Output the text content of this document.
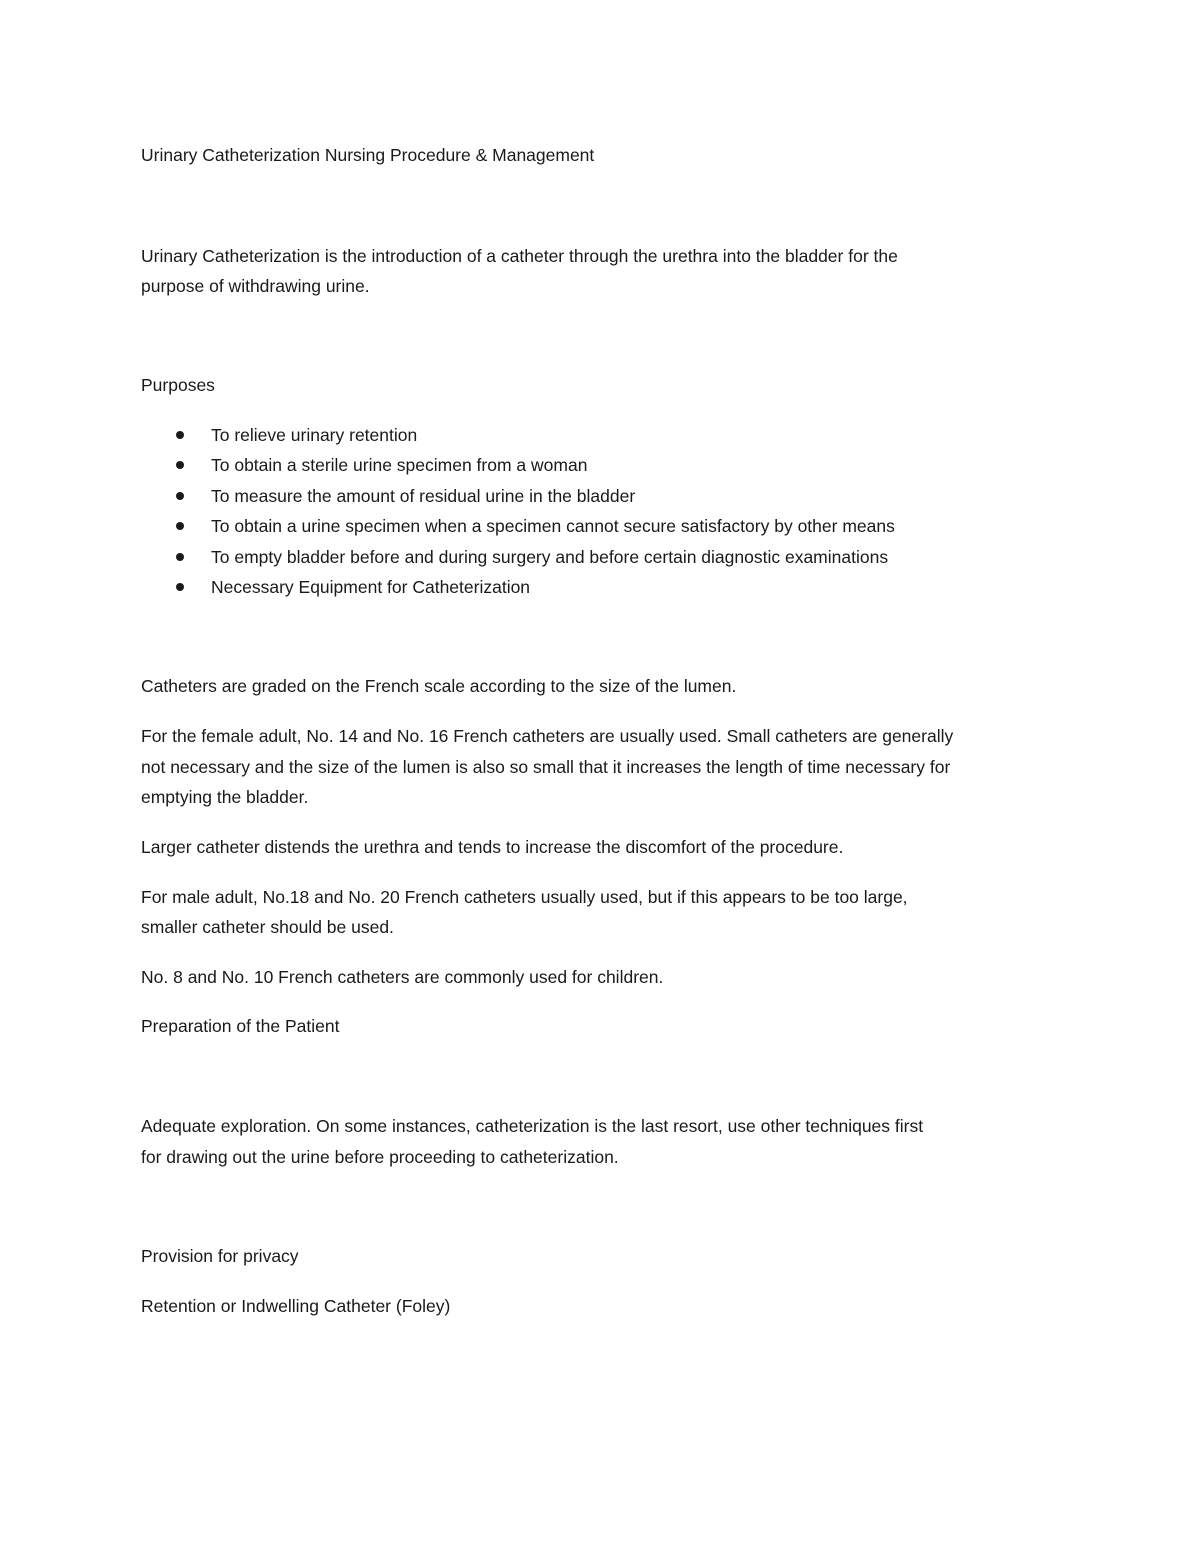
Urinary Catheterization Nursing Procedure & Management

Urinary Catheterization is the introduction of a catheter through the urethra into the bladder for the

purpose of withdrawing urine.

Purposes

To relieve urinary retention
To obtain a sterile urine specimen from a woman
To measure the amount of residual urine in the bladder
To obtain a urine specimen when a specimen cannot secure satisfactory by other means
To empty bladder before and during surgery and before certain diagnostic examinations
Necessary Equipment for Catheterization

Catheters are graded on the French scale according to the size of the lumen.

For the female adult, No. 14 and No. 16 French catheters are usually used. Small catheters are generally

not necessary and the size of the lumen is also so small that it increases the length of time necessary for

emptying the bladder.

Larger catheter distends the urethra and tends to increase the discomfort of the procedure.

For male adult, No.18 and No. 20 French catheters usually used, but if this appears to be too large,

smaller catheter should be used.

No. 8 and No. 10 French catheters are commonly used for children.

Preparation of the Patient

Adequate exploration. On some instances, catheterization is the last resort, use other techniques first

for drawing out the urine before proceeding to catheterization.

Provision for privacy

Retention or Indwelling Catheter (Foley)
